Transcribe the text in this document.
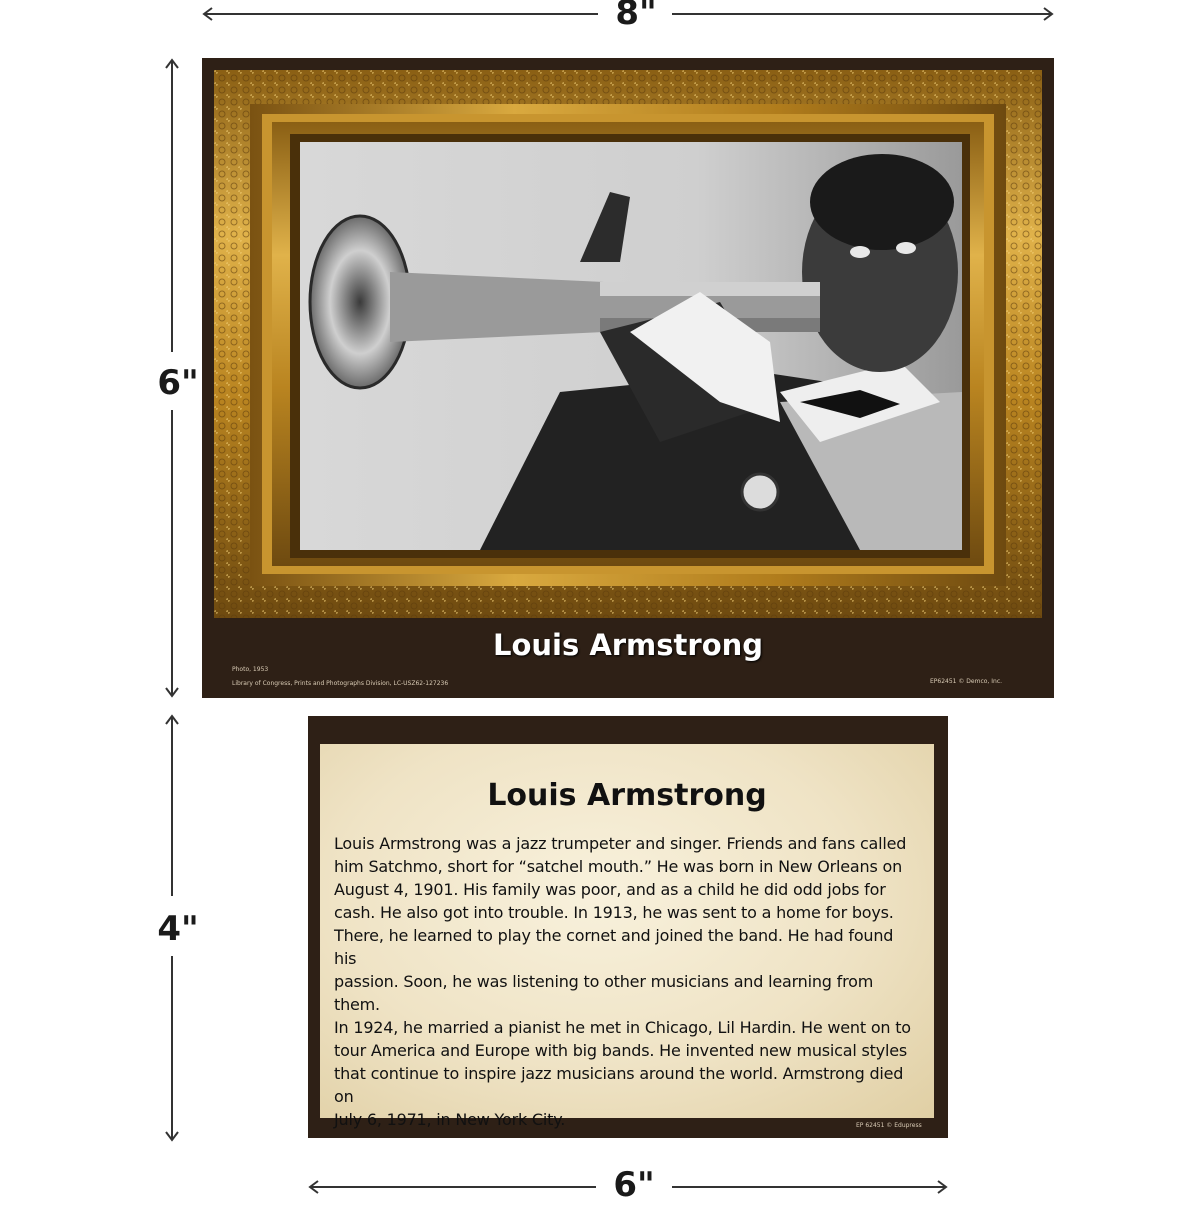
8"
6"
4"
6"
Louis Armstrong
Photo, 1953
Library of Congress, Prints and Photographs Division, LC-USZ62-127236	EP62451 © Demco, Inc.
Louis Armstrong
Louis Armstrong was a jazz trumpeter and singer. Friends and fans called
him Satchmo, short for “satchel mouth.” He was born in New Orleans on
August 4, 1901. His family was poor, and as a child he did odd jobs for
cash. He also got into trouble. In 1913, he was sent to a home for boys.
There, he learned to play the cornet and joined the band. He had found his
passion. Soon, he was listening to other musicians and learning from them.
In 1924, he married a pianist he met in Chicago, Lil Hardin. He went on to
tour America and Europe with big bands. He invented new musical styles
that continue to inspire jazz musicians around the world. Armstrong died on
July 6, 1971, in New York City.	EP 62451 © Edupress
